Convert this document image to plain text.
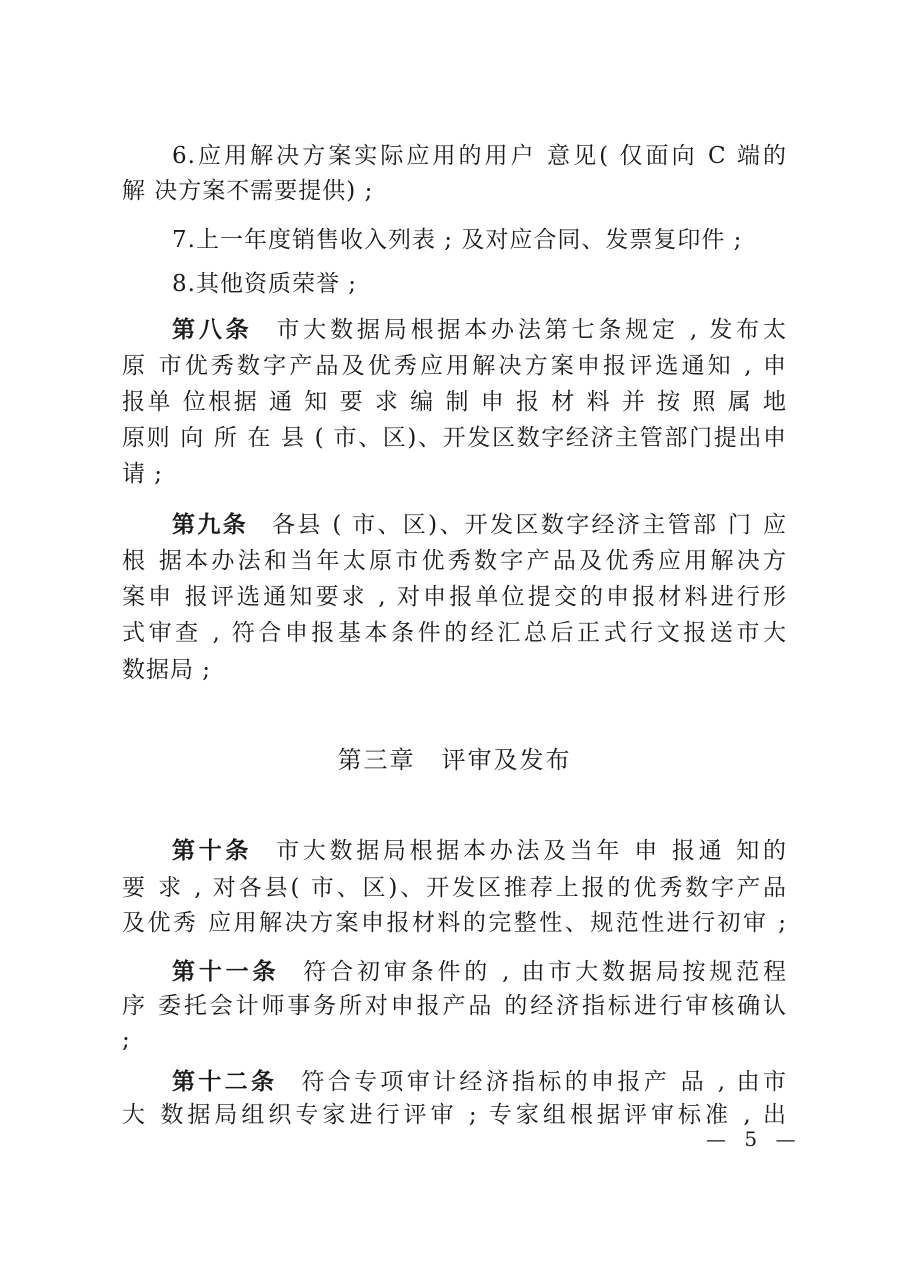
6.应用解决方案实际应用的用户 意见( 仅面向 C 端的
解 决方案不需要提供) ;
7.上一年度销售收入列表 ; 及对应合同、发票复印件 ;
8.其他资质荣誉 ;
第八条 市大数据局根据本办法第七条规定 , 发布太
原 市优秀数字产品及优秀应用解决方案申报评选通知 , 申
报单 位根据 通 知 要 求 编 制 申 报 材 料 并 按 照 属 地
原则 向 所 在 县 ( 市、区)、开发区数字经济主管部门提出申
请 ;
第九条 各县 ( 市、区)、开发区数字经济主管部 门 应
根 据本办法和当年太原市优秀数字产品及优秀应用解决方
案申 报评选通知要求 , 对申报单位提交的申报材料进行形
式审查 , 符合申报基本条件的经汇总后正式行文报送市大
数据局 ;
第三章 评审及发布
第十条 市大数据局根据本办法及当年 申 报通 知的
要 求 , 对各县( 市、区)、开发区推荐上报的优秀数字产品
及优秀 应用解决方案申报材料的完整性、规范性进行初审 ;
第十一条 符合初审条件的 , 由市大数据局按规范程
序 委托会计师事务所对申报产品 的经济指标进行审核确认
;
第十二条 符合专项审计经济指标的申报产 品 , 由市
大 数据局组织专家进行评审 ; 专家组根据评审标准 , 出
— 5 —
